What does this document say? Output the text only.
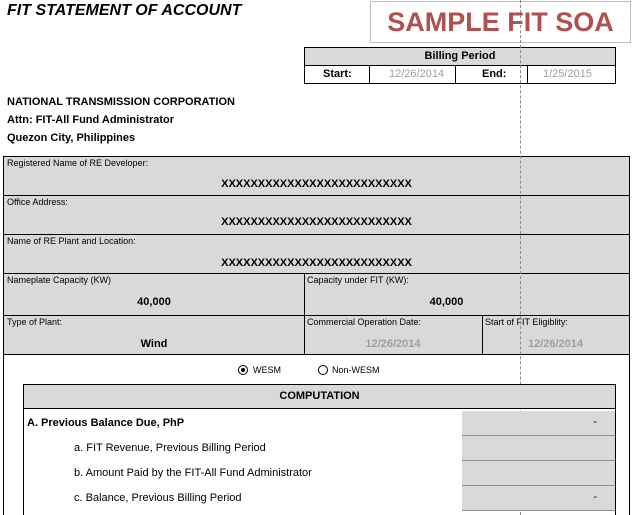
FIT STATEMENT OF ACCOUNT	SAMPLE FIT SOA
Billing Period
Start:	12/26/2014	End:	1/25/2015
NATIONAL TRANSMISSION CORPORATION
Attn: FIT-All Fund Administrator
Quezon City, Philippines
Registered Name of RE Developer:
XXXXXXXXXXXXXXXXXXXXXXXXXX
Office Address:
XXXXXXXXXXXXXXXXXXXXXXXXXX
Name of RE Plant and Location:
XXXXXXXXXXXXXXXXXXXXXXXXXX
Nameplate Capacity (KW)
40,000
Capacity under FIT (KW):
40,000
Type of Plant:
Wind
Commercial Operation Date:
12/26/2014
Start of FIT Eligiblity:
12/26/2014
WESM	Non-WESM
COMPUTATION
A. Previous Balance Due, PhP	-
a. FIT Revenue, Previous Billing Period
b. Amount Paid by the FIT-All Fund Administrator
c. Balance, Previous Billing Period	-
